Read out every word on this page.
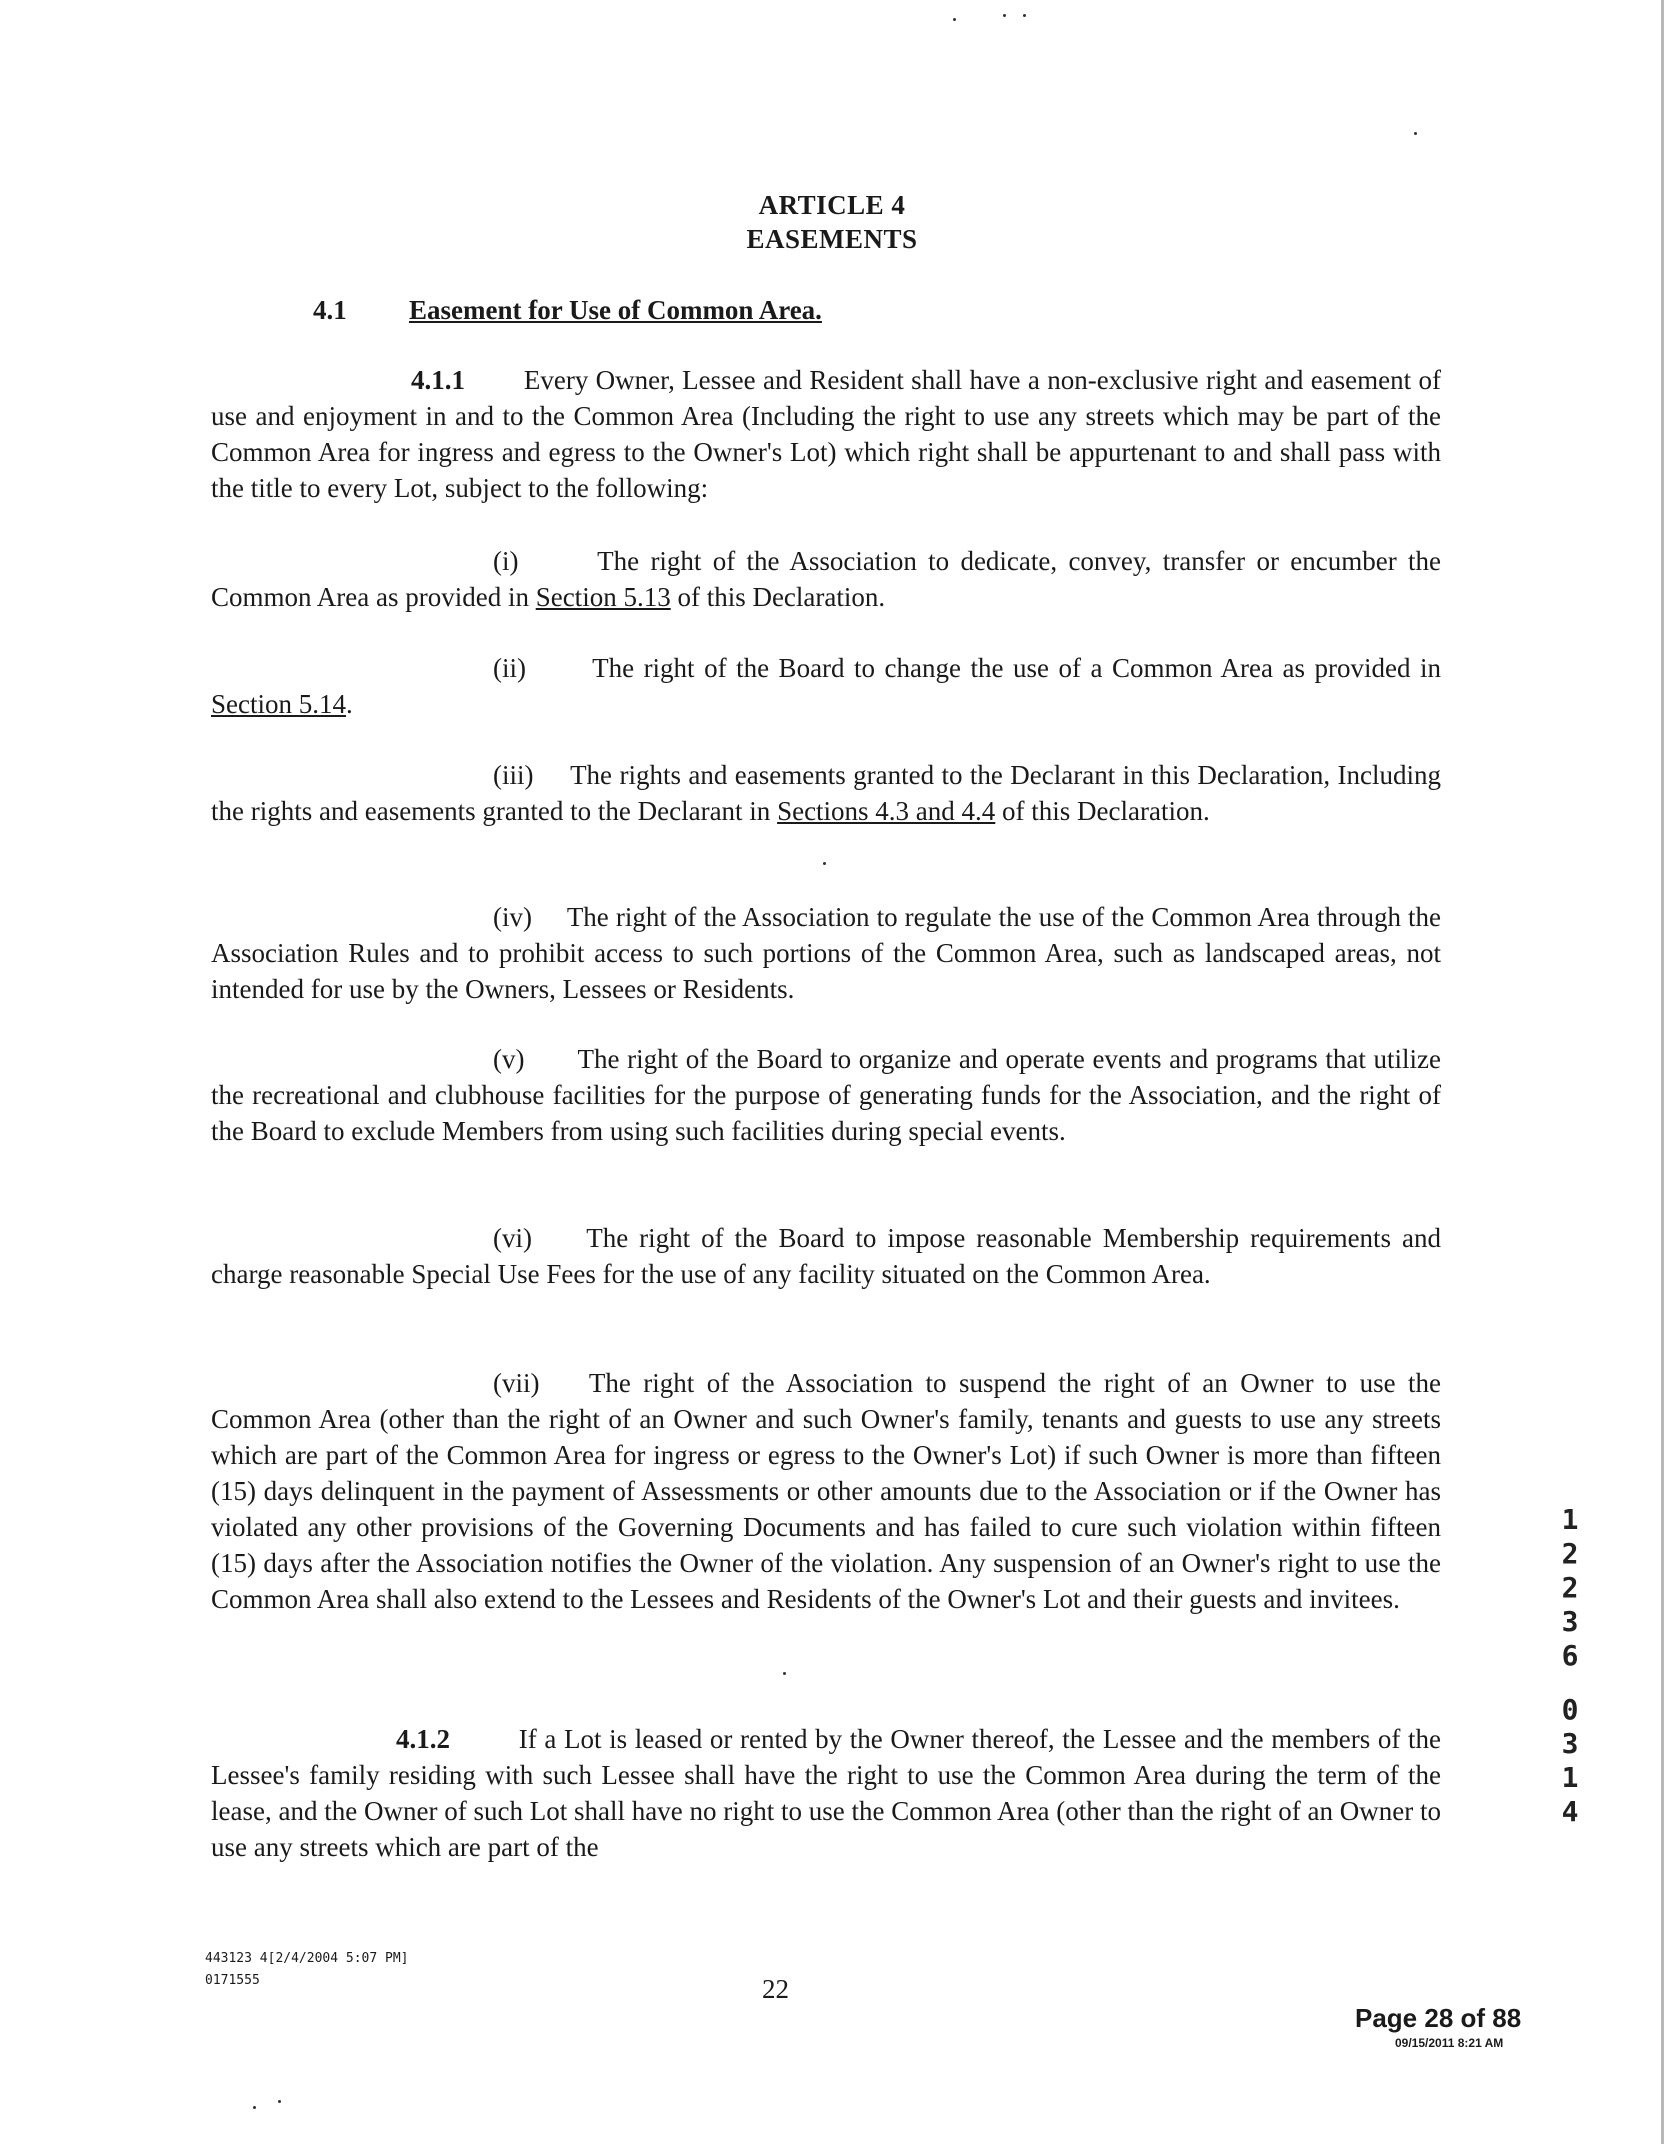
ARTICLE 4
EASEMENTS
4.1 Easement for Use of Common Area.
4.1.1 Every Owner, Lessee and Resident shall have a non-exclusive right and easement of use and enjoyment in and to the Common Area (Including the right to use any streets which may be part of the Common Area for ingress and egress to the Owner's Lot) which right shall be appurtenant to and shall pass with the title to every Lot, subject to the following:
(i)	The right of the Association to dedicate, convey, transfer or encumber the Common Area as provided in Section 5.13 of this Declaration.
(ii) The right of the Board to change the use of a Common Area as provided in Section 5.14.
(iii) The rights and easements granted to the Declarant in this Declaration, Including the rights and easements granted to the Declarant in Sections 4.3 and 4.4 of this Declaration.
(iv) The right of the Association to regulate the use of the Common Area through the Association Rules and to prohibit access to such portions of the Common Area, such as landscaped areas, not intended for use by the Owners, Lessees or Residents.
(v) The right of the Board to organize and operate events and programs that utilize the recreational and clubhouse facilities for the purpose of generating funds for the Association, and the right of the Board to exclude Members from using such facilities during special events.
(vi) The right of the Board to impose reasonable Membership requirements and charge reasonable Special Use Fees for the use of any facility situated on the Common Area.
(vii) The right of the Association to suspend the right of an Owner to use the Common Area (other than the right of an Owner and such Owner's family, tenants and guests to use any streets which are part of the Common Area for ingress or egress to the Owner's Lot) if such Owner is more than fifteen (15) days delinquent in the payment of Assessments or other amounts due to the Association or if the Owner has violated any other provisions of the Governing Documents and has failed to cure such violation within fifteen (15) days after the Association notifies the Owner of the violation. Any suspension of an Owner's right to use the Common Area shall also extend to the Lessees and Residents of the Owner's Lot and their guests and invitees.
4.1.2	If a Lot is leased or rented by the Owner thereof, the Lessee and the members of the Lessee's family residing with such Lessee shall have the right to use the Common Area during the term of the lease, and the Owner of such Lot shall have no right to use the Common Area (other than the right of an Owner to use any streets which are part of the
443123 4[2/4/2004 5:07 PM]
0171555	22
Page 28 of 88
09/15/2011 8:21 AM
1
2
2
3
6
0
3
1
4
